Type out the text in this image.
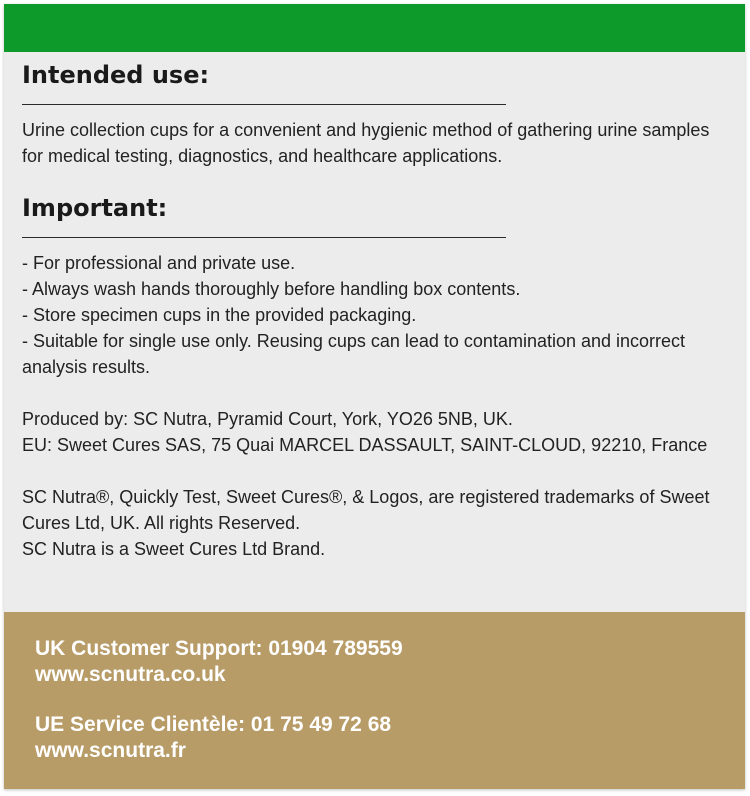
Intended use:

Urine collection cups for a convenient and hygienic method of gathering urine samples for medical testing, diagnostics, and healthcare applications.

Important:
- For professional and private use.
- Always wash hands thoroughly before handling box contents.
- Store specimen cups in the provided packaging.
- Suitable for single use only. Reusing cups can lead to contamination and incorrect analysis results.

Produced by: SC Nutra, Pyramid Court, York, YO26 5NB, UK.

EU: Sweet Cures SAS, 75 Quai MARCEL DASSAULT, SAINT-CLOUD, 92210, France

SC Nutra®, Quickly Test, Sweet Cures®, & Logos, are registered trademarks of Sweet Cures Ltd, UK. All rights Reserved.

SC Nutra is a Sweet Cures Ltd Brand.

UK Customer Support: 01904 789559
www.scnutra.co.uk
UE Service Clientèle: 01 75 49 72 68
www.scnutra.fr
